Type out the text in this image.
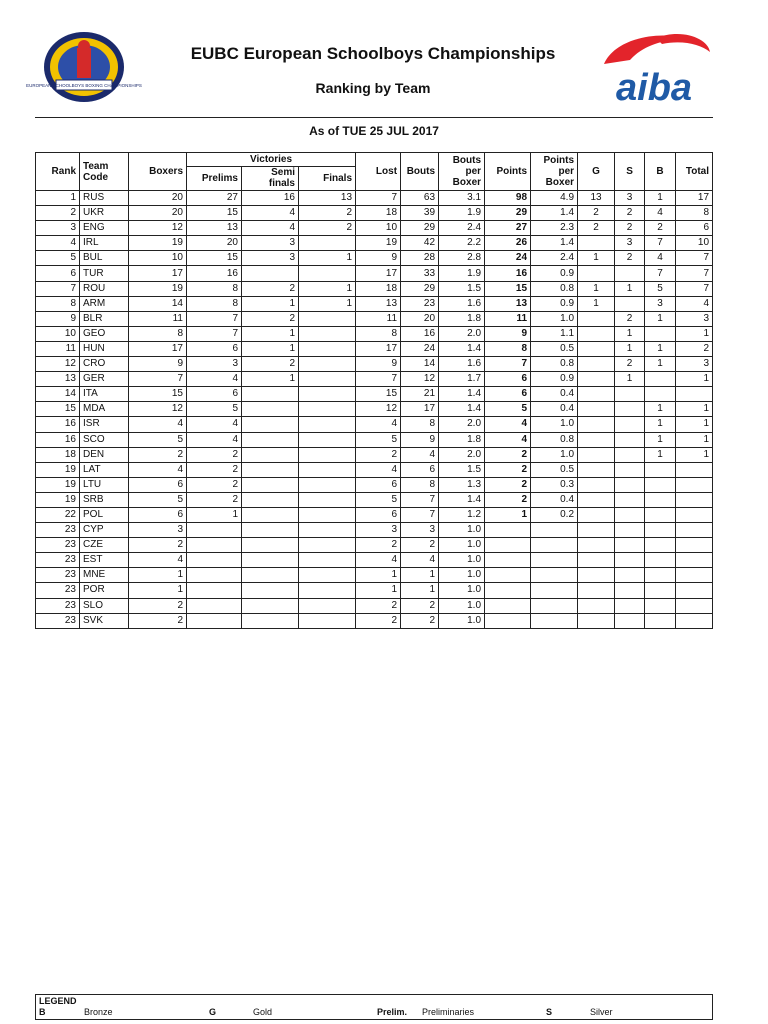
EUROPEAN SCHOOLBOYS BOXING CHAMPIONSHIPS
EUBC European Schoolboys Championships
Ranking by Team	aiba
As of TUE 25 JUL 2017
Rank	Team Code	Boxers	Victories			Lost	Bouts	Bouts per Boxer	Points	Points per Boxer	G	S	B	Total
			Prelims	Semi finals	Finals									
1	RUS	20	27	16	13	7	63	3.1	98	4.9	13	3	1	17
2	UKR	20	15	4	2	18	39	1.9	29	1.4	2	2	4	8
3	ENG	12	13	4	2	10	29	2.4	27	2.3	2	2	2	6
4	IRL	19	20	3		19	42	2.2	26	1.4		3	7	10
5	BUL	10	15	3	1	9	28	2.8	24	2.4	1	2	4	7
6	TUR	17	16			17	33	1.9	16	0.9			7	7
7	ROU	19	8	2	1	18	29	1.5	15	0.8	1	1	5	7
8	ARM	14	8	1	1	13	23	1.6	13	0.9	1		3	4
9	BLR	11	7	2		11	20	1.8	11	1.0		2	1	3
10	GEO	8	7	1		8	16	2.0	9	1.1		1		1
11	HUN	17	6	1		17	24	1.4	8	0.5		1	1	2
12	CRO	9	3	2		9	14	1.6	7	0.8		2	1	3
13	GER	7	4	1		7	12	1.7	6	0.9		1		1
14	ITA	15	6			15	21	1.4	6	0.4				
15	MDA	12	5			12	17	1.4	5	0.4			1	1
16	ISR	4	4			4	8	2.0	4	1.0			1	1
16	SCO	5	4			5	9	1.8	4	0.8			1	1
18	DEN	2	2			2	4	2.0	2	1.0			1	1
19	LAT	4	2			4	6	1.5	2	0.5				
19	LTU	6	2			6	8	1.3	2	0.3				
19	SRB	5	2			5	7	1.4	2	0.4				
22	POL	6	1			6	7	1.2	1	0.2				
23	CYP	3				3	3	1.0						
23	CZE	2				2	2	1.0						
23	EST	4				4	4	1.0						
23	MNE	1				1	1	1.0						
23	POR	1				1	1	1.0						
23	SLO	2				2	2	1.0						
23	SVK	2				2	2	1.0						
LEGEND
B	Bronze	G	Gold	Prelim. Preliminaries	S	Silver
